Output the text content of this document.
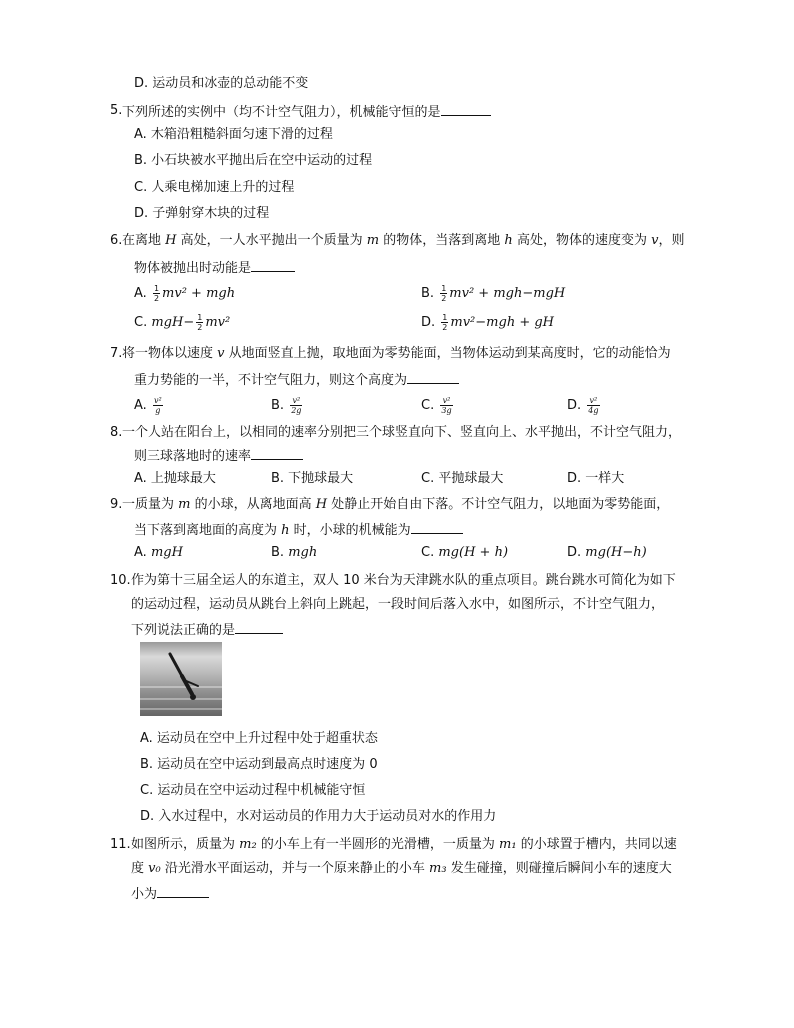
D. 运动员和冰壶的总动能不变
5. 下列所述的实例中（均不计空气阻力），机械能守恒的是
A. 木箱沿粗糙斜面匀速下滑的过程
B. 小石块被水平抛出后在空中运动的过程
C. 人乘电梯加速上升的过程
D. 子弹射穿木块的过程
6. 在离地 H 高处，一人水平抛出一个质量为 m 的物体，当落到离地 h 高处，物体的速度变为 v，则
物体被抛出时动能是
A. $\frac{1}{2} mv^2$ + mgh	B. $\frac{1}{2} mv^2 + mgh-mgH$
C. $mgH- \frac{1}{2} mv^2$	D. $\frac{1}{2} mv^2-mgh$ + gH
7. 将一物体以速度 v 从地面竖直上抛，取地面为零势能面，当物体运动到某高度时，它的动能恰为
重力势能的一半，不计空气阻力，则这个高度为
A. $\frac{\text{v²}}{g}$	B. $\frac{\text{v²}}{2g}$	C. $\frac{\text{v²}}{3g}$	D. $\frac{\text{v²}}{4g}$
8. 一个人站在阳台上，以相同的速率分别把三个球竖直向下、竖直向上、水平抛出，不计空气阻力，
则三球落地时的速率
A. 上抛球最大	B. 下抛球最大	C. 平抛球最大	D. 一样大
9. 一质量为 m 的小球，从离地面高 H 处静止开始自由下落。不计空气阻力，以地面为零势能面，
当下落到离地面的高度为 h 时，小球的机械能为
A. mgH	B. mgh	C. mg(H + h)	D. mg(H−h)
10. 作为第十三届全运人的东道主，双人 10 米台为天津跳水队的重点项目。跳台跳水可简化为如下
的运动过程，运动员从跳台上斜向上跳起，一段时间后落入水中，如图所示，不计空气阻力，
下列说法正确的是
A. 运动员在空中上升过程中处于超重状态
B. 运动员在空中运动到最高点时速度为 0
C. 运动员在空中运动过程中机械能守恒
D. 入水过程中，水对运动员的作用力大于运动员对水的作用力
11. 如图所示，质量为 m₂ 的小车上有一半圆形的光滑槽，一质量为 m₁ 的小球置于槽内，共同以速
度 v₀ 沿光滑水平面运动，并与一个原来静止的小车 m₃ 发生碰撞，则碰撞后瞬间小车的速度大
小为
